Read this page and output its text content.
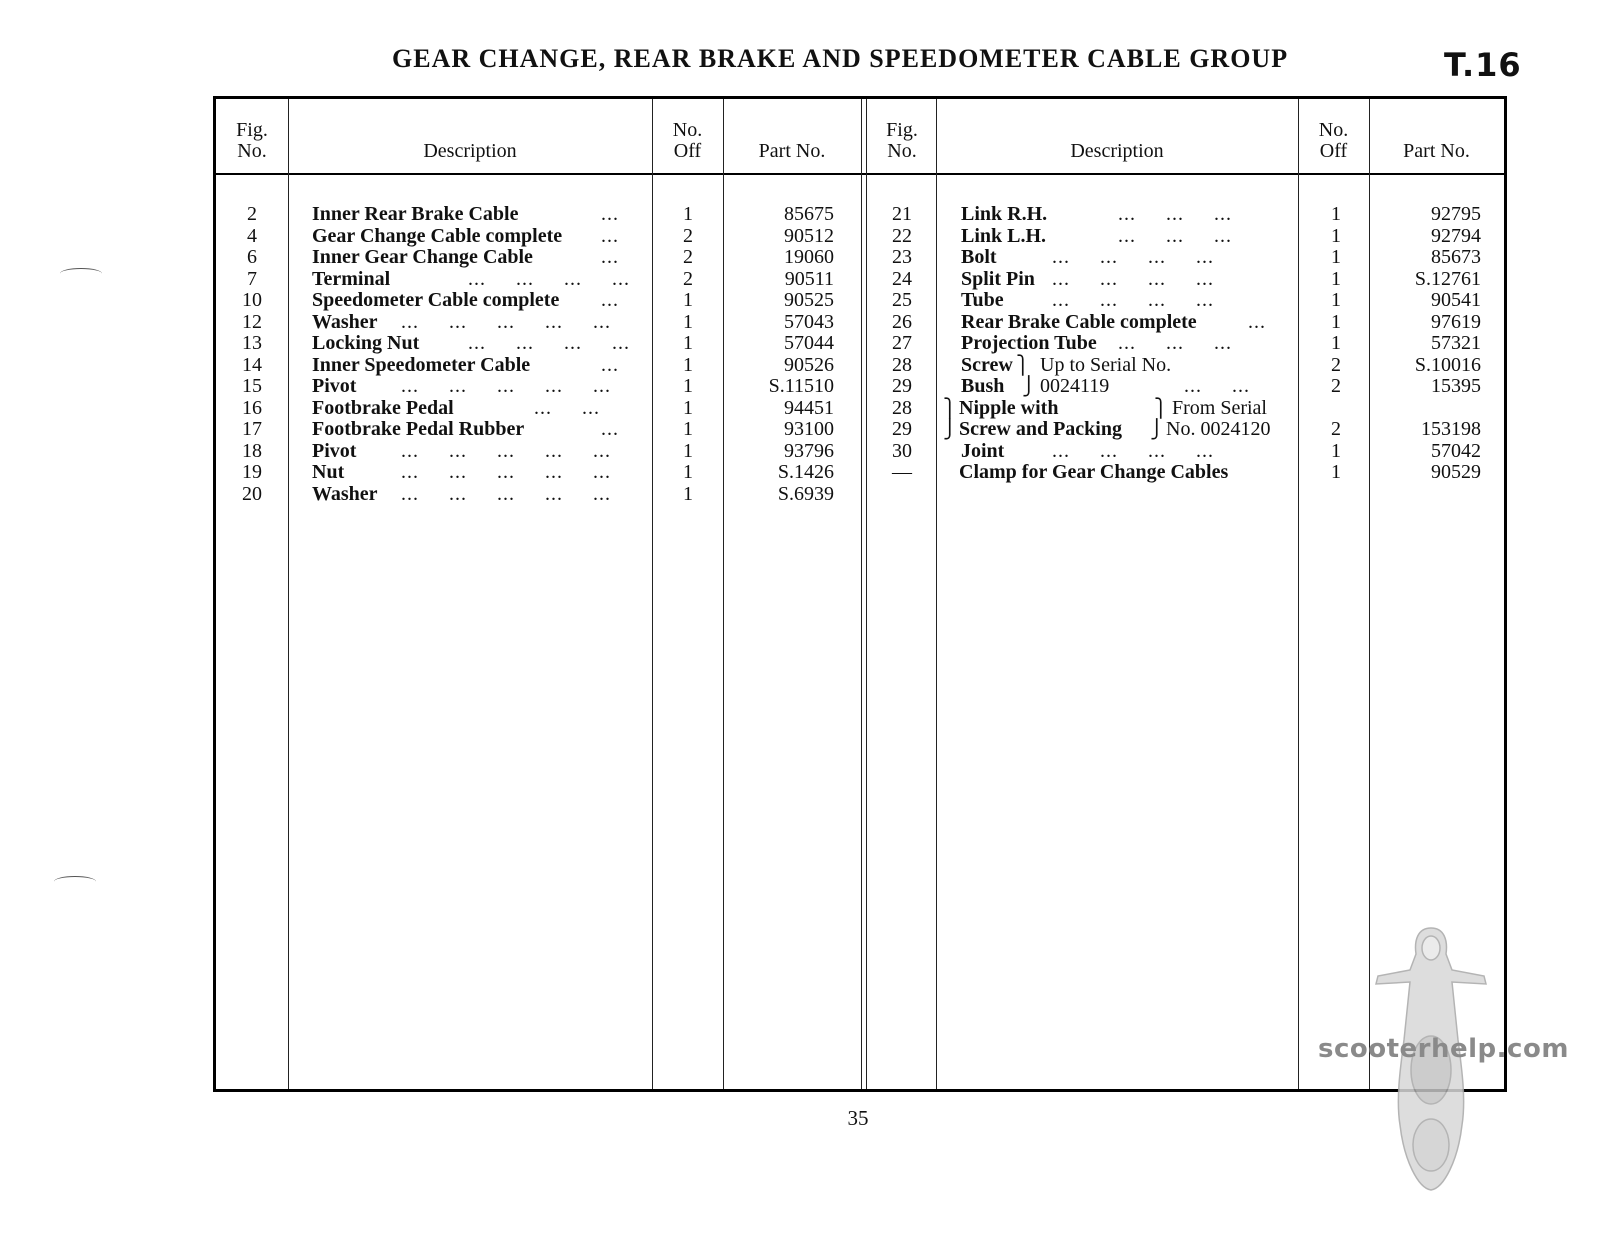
GEAR CHANGE, REAR BRAKE AND SPEEDOMETER CABLE GROUP	T.16
Fig.
No.	Description
No.
Off	Part No.
Fig.
No.	Description
No.
Off	Part No.
2	Inner Rear Brake Cable	...	1	85675
4	Gear Change Cable complete ...	2	90512
6	Inner Gear Change Cable	...	2	19060
7	Terminal	...     ...     ...     ...	2	90511
10	Speedometer Cable complete ...	1	90525
12	Washer ...     ...     ...     ...     ...	1	57043
13	Locking Nut ...     ...     ...     ...	1	57044
14	Inner Speedometer Cable	...	1	90526
15	Pivot ...     ...     ...     ...     ...	1	S.11510
16	Footbrake Pedal	...     ...	1	94451
17	Footbrake Pedal Rubber	...	1	93100
18	Pivot ...     ...     ...     ...     ...	1	93796
19	Nut	...     ...     ...     ...     ...	1	S.1426
20	Washer ...     ...     ...     ...     ...	1	S.6939
21	Link R.H.	...     ...     ...	1	92795
22	Link L.H.	...     ...     ...	1	92794
23	Bolt	...     ...     ...     ...	1	85673
24	Split Pin ...     ...     ...     ...	1	S.12761
25	Tube ...     ...     ...     ...	1	90541
26	Rear Brake Cable complete	...	1	97619
27	Projection Tube ...     ...     ...	1	57321
28	Screw ⎫ Up to Serial No.	2	S.10016
29	Bush ⎭ 0024119	...     ...	2	15395
28	⎫ Nipple with	⎫ From Serial
29	⎭ Screw and Packing ⎭ No. 0024120	2	153198
30	Joint ...     ...     ...     ...	1	57042
—	Clamp for Gear Change Cables	1	90529
35
scooterhelp.com
